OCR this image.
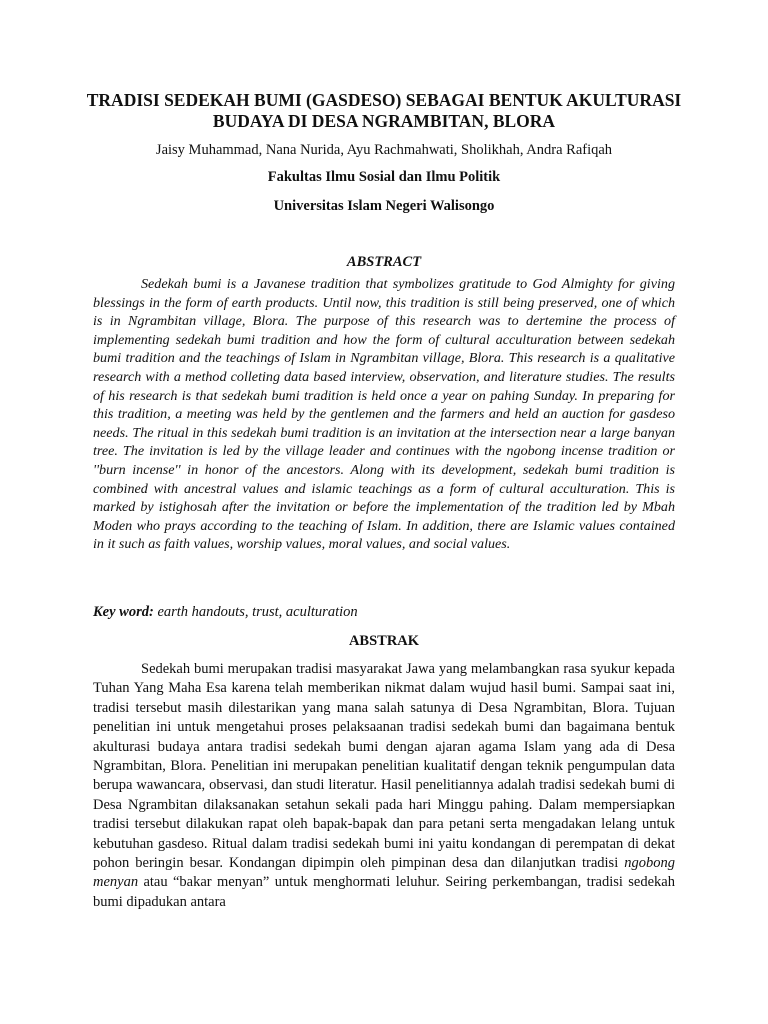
TRADISI SEDEKAH BUMI (GASDESO) SEBAGAI BENTUK AKULTURASI BUDAYA DI DESA NGRAMBITAN, BLORA

Jaisy Muhammad, Nana Nurida, Ayu Rachmahwati, Sholikhah, Andra Rafiqah

Fakultas Ilmu Sosial dan Ilmu Politik

Universitas Islam Negeri Walisongo

ABSTRACT

Sedekah bumi is a Javanese tradition that symbolizes gratitude to God Almighty for giving blessings in the form of earth products. Until now, this tradition is still being preserved, one of which is in Ngrambitan village, Blora. The purpose of this research was to dertemine the process of implementing sedekah bumi tradition and how the form of cultural acculturation between sedekah bumi tradition and the teachings of Islam in Ngrambitan village, Blora. This research is a qualitative research with a method colleting data based interview, observation, and literature studies. The results of his research is that sedekah bumi tradition is held once a year on pahing Sunday. In preparing for this tradition, a meeting was held by the gentlemen and the farmers and held an auction for gasdeso needs. The ritual in this sedekah bumi tradition is an invitation at the intersection near a large banyan tree. The invitation is led by the village leader and continues with the ngobong incense tradition or ''burn incense'' in honor of the ancestors. Along with its development, sedekah bumi tradition is combined with ancestral values and islamic teachings as a form of cultural acculturation. This is marked by istighosah after the invitation or before the implementation of the tradition led by Mbah Moden who prays according to the teaching of Islam. In addition, there are Islamic values contained in it such as faith values, worship values, moral values, and social values.

Key word: earth handouts, trust, aculturation

ABSTRAK

Sedekah bumi merupakan tradisi masyarakat Jawa yang melambangkan rasa syukur kepada Tuhan Yang Maha Esa karena telah memberikan nikmat dalam wujud hasil bumi. Sampai saat ini, tradisi tersebut masih dilestarikan yang mana salah satunya di Desa Ngrambitan, Blora. Tujuan penelitian ini untuk mengetahui proses pelaksaanan tradisi sedekah bumi dan bagaimana bentuk akulturasi budaya antara tradisi sedekah bumi dengan ajaran agama Islam yang ada di Desa Ngrambitan, Blora. Penelitian ini merupakan penelitian kualitatif dengan teknik pengumpulan data berupa wawancara, observasi, dan studi literatur. Hasil penelitiannya adalah tradisi sedekah bumi di Desa Ngrambitan dilaksanakan setahun sekali pada hari Minggu pahing. Dalam mempersiapkan tradisi tersebut dilakukan rapat oleh bapak-bapak dan para petani serta mengadakan lelang untuk kebutuhan gasdeso. Ritual dalam tradisi sedekah bumi ini yaitu kondangan di perempatan di dekat pohon beringin besar. Kondangan dipimpin oleh pimpinan desa dan dilanjutkan tradisi ngobong menyan atau “bakar menyan” untuk menghormati leluhur. Seiring perkembangan, tradisi sedekah bumi dipadukan antara
